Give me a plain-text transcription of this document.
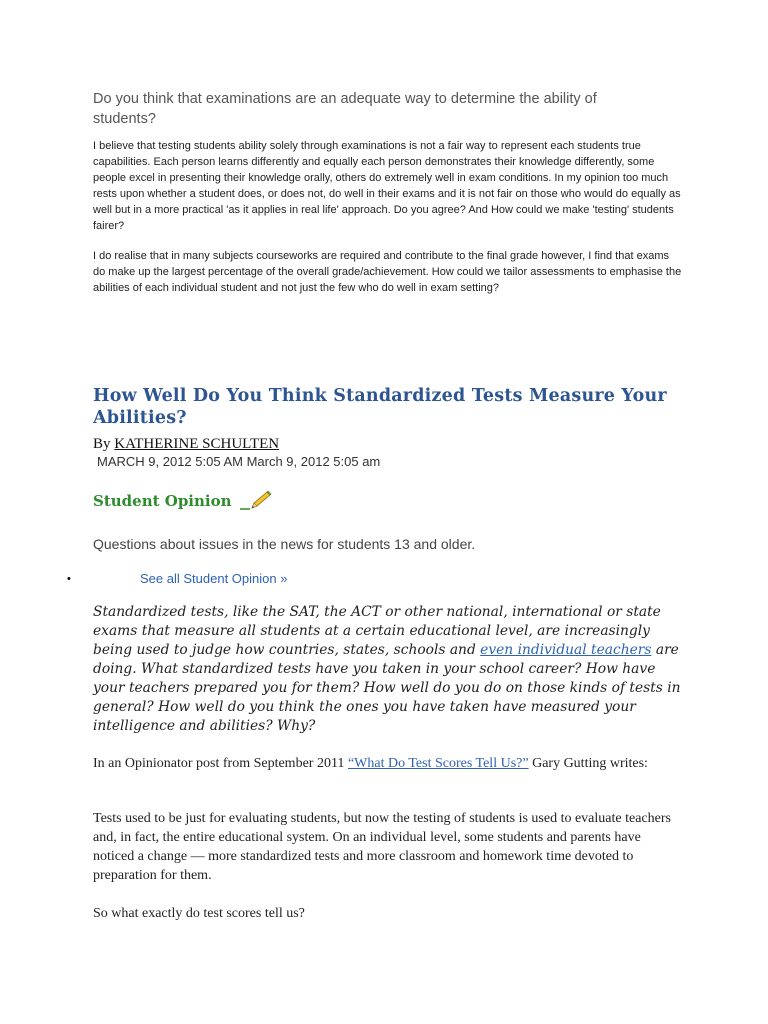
Do you think that examinations are an adequate way to determine the ability of students?
I believe that testing students ability solely through examinations is not a fair way to represent each students true capabilities. Each person learns differently and equally each person demonstrates their knowledge differently, some people excel in presenting their knowledge orally, others do extremely well in exam conditions. In my opinion too much rests upon whether a student does, or does not, do well in their exams and it is not fair on those who would do equally as well but in a more practical 'as it applies in real life' approach. Do you agree? And How could we make 'testing' students fairer?
I do realise that in many subjects courseworks are required and contribute to the final grade however, I find that exams do make up the largest percentage of the overall grade/achievement. How could we tailor assessments to emphasise the abilities of each individual student and not just the few who do well in exam setting?
How Well Do You Think Standardized Tests Measure Your Abilities?
By KATHERINE SCHULTEN
MARCH 9, 2012 5:05 AM March 9, 2012 5:05 am
Student Opinion
Questions about issues in the news for students 13 and older.
•	See all Student Opinion »
Standardized tests, like the SAT, the ACT or other national, international or state exams that measure all students at a certain educational level, are increasingly being used to judge how countries, states, schools and even individual teachers are doing. What standardized tests have you taken in your school career? How have your teachers prepared you for them? How well do you do on those kinds of tests in general? How well do you think the ones you have taken have measured your intelligence and abilities? Why?
In an Opinionator post from September 2011 “What Do Test Scores Tell Us?” Gary Gutting writes:
Tests used to be just for evaluating students, but now the testing of students is used to evaluate teachers and, in fact, the entire educational system. On an individual level, some students and parents have noticed a change — more standardized tests and more classroom and homework time devoted to preparation for them.
So what exactly do test scores tell us?
